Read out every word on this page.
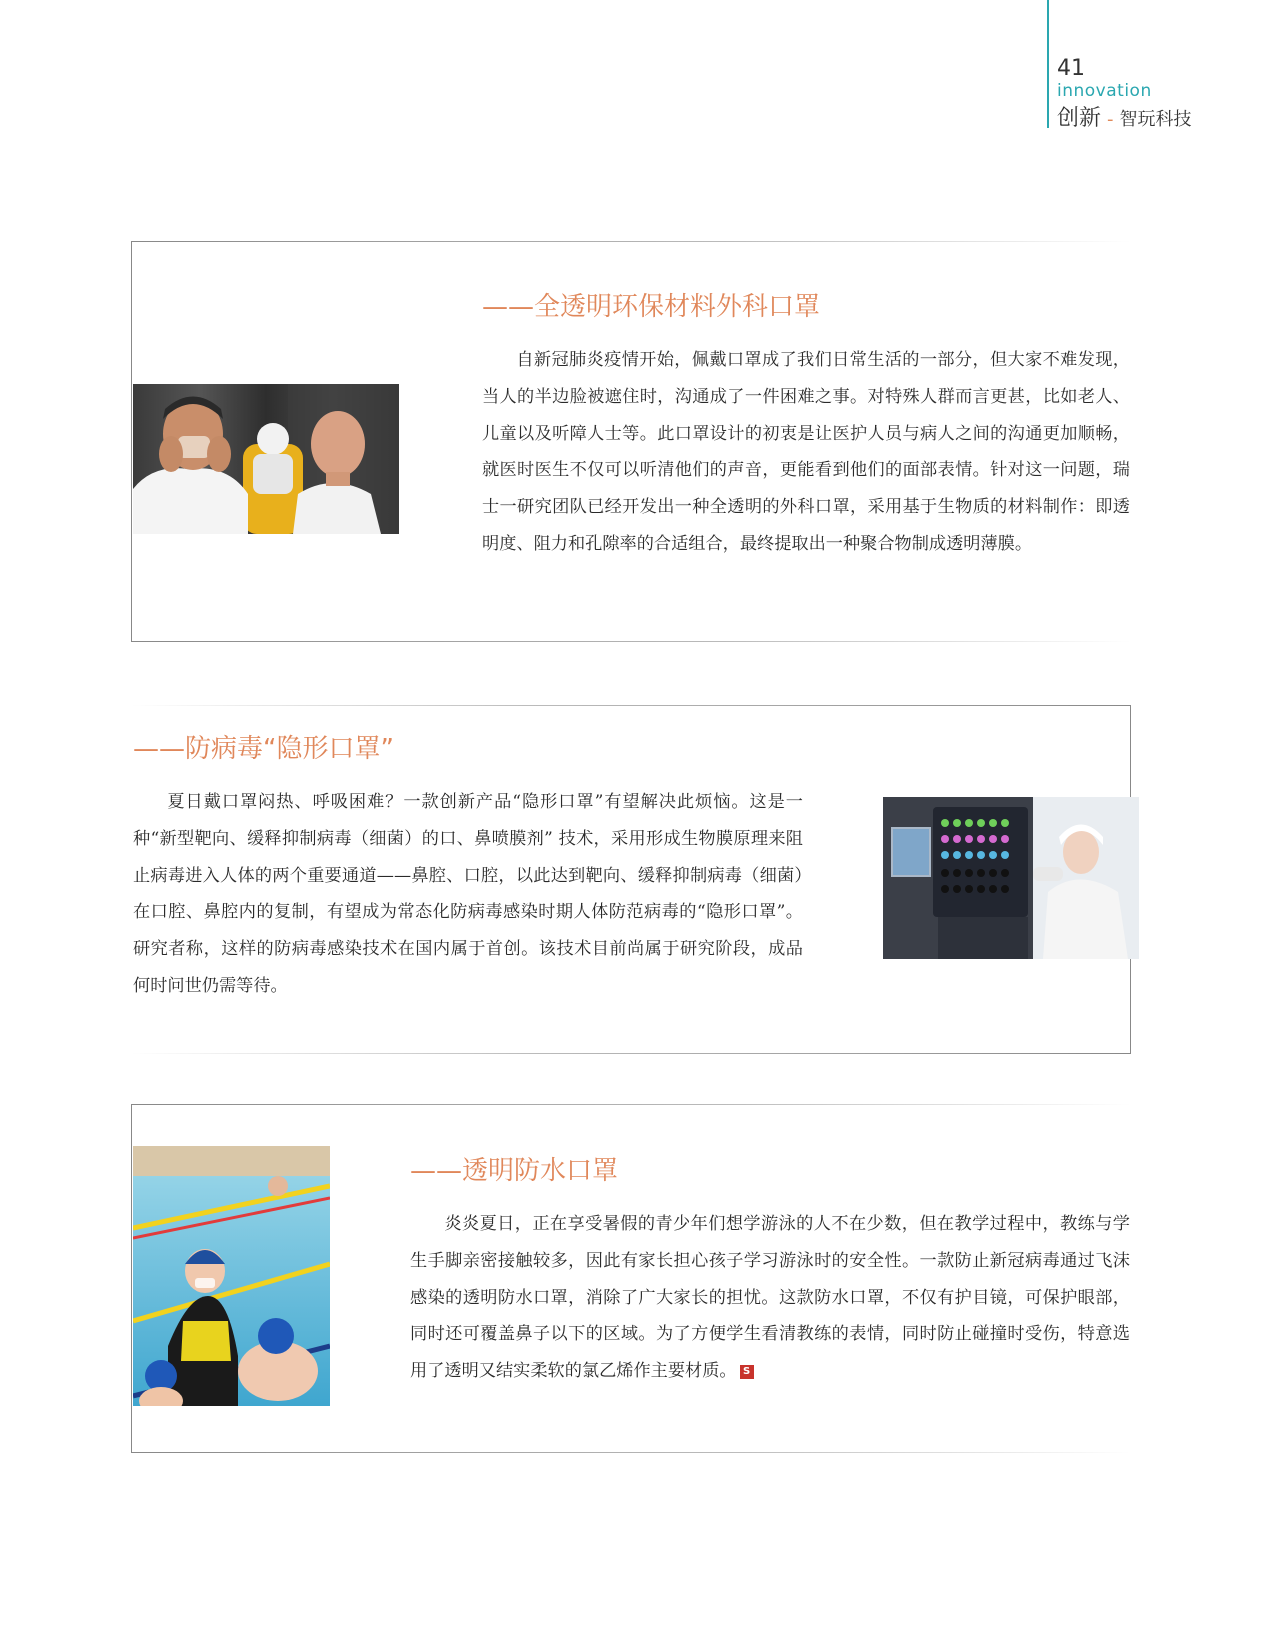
41
innovation
创新 - 智玩科技
——全透明环保材料外科口罩

自新冠肺炎疫情开始，佩戴口罩成了我们日常生活的一部分，但大家不难发现，当人的半边脸被遮住时，沟通成了一件困难之事。对特殊人群而言更甚，比如老人、儿童以及听障人士等。此口罩设计的初衷是让医护人员与病人之间的沟通更加顺畅，就医时医生不仅可以听清他们的声音，更能看到他们的面部表情。针对这一问题，瑞士一研究团队已经开发出一种全透明的外科口罩，采用基于生物质的材料制作：即透明度、阻力和孔隙率的合适组合，最终提取出一种聚合物制成透明薄膜。

——防病毒“隐形口罩”

夏日戴口罩闷热、呼吸困难？一款创新产品“隐形口罩”有望解决此烦恼。这是一种“新型靶向、缓释抑制病毒（细菌）的口、鼻喷膜剂” 技术，采用形成生物膜原理来阻止病毒进入人体的两个重要通道——鼻腔、口腔，以此达到靶向、缓释抑制病毒（细菌）在口腔、鼻腔内的复制，有望成为常态化防病毒感染时期人体防范病毒的“隐形口罩”。 研究者称，这样的防病毒感染技术在国内属于首创。该技术目前尚属于研究阶段，成品何时问世仍需等待。

——透明防水口罩

炎炎夏日，正在享受暑假的青少年们想学游泳的人不在少数，但在教学过程中，教练与学生手脚亲密接触较多，因此有家长担心孩子学习游泳时的安全性。一款防止新冠病毒通过飞沫感染的透明防水口罩，消除了广大家长的担忧。这款防水口罩，不仅有护目镜，可保护眼部，同时还可覆盖鼻子以下的区域。为了方便学生看清教练的表情，同时防止碰撞时受伤，特意选用了透明又结实柔软的氯乙烯作主要材质。 S
